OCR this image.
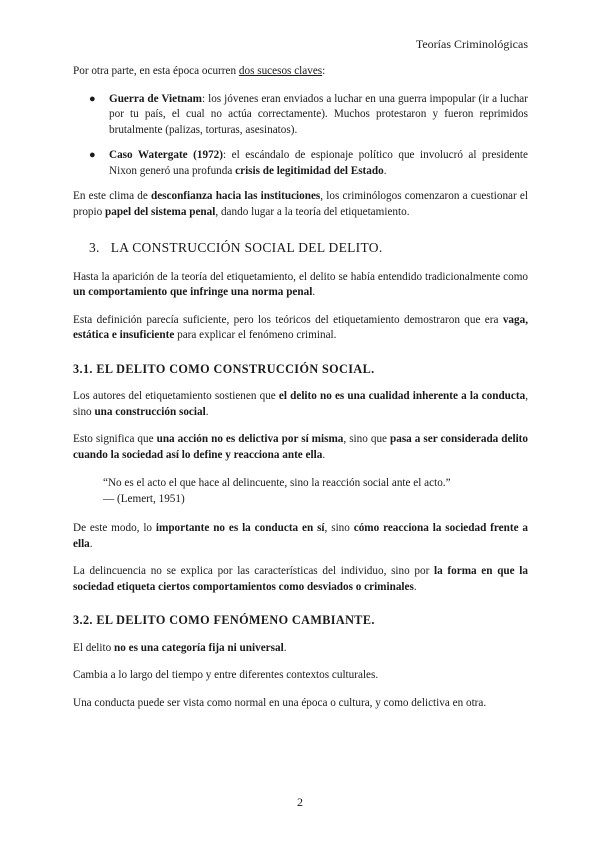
Teorías Criminológicas

Por otra parte, en esta época ocurren dos sucesos claves:

● Guerra de Vietnam: los jóvenes eran enviados a luchar en una guerra impopular (ir a luchar por tu país, el cual no actúa correctamente). Muchos protestaron y fueron reprimidos brutalmente (palizas, torturas, asesinatos).
● Caso Watergate (1972): el escándalo de espionaje político que involucró al presidente Nixon generó una profunda crisis de legitimidad del Estado.

En este clima de desconfianza hacia las instituciones, los criminólogos comenzaron a cuestionar el propio papel del sistema penal, dando lugar a la teoría del etiquetamiento.

3. LA CONSTRUCCIÓN SOCIAL DEL DELITO.

Hasta la aparición de la teoría del etiquetamiento, el delito se había entendido tradicionalmente como un comportamiento que infringe una norma penal.

Esta definición parecía suficiente, pero los teóricos del etiquetamiento demostraron que era vaga, estática e insuficiente para explicar el fenómeno criminal.

3.1. EL DELITO COMO CONSTRUCCIÓN SOCIAL.

Los autores del etiquetamiento sostienen que el delito no es una cualidad inherente a la conducta, sino una construcción social.

Esto significa que una acción no es delictiva por sí misma, sino que pasa a ser considerada delito cuando la sociedad así lo define y reacciona ante ella.

“No es el acto el que hace al delincuente, sino la reacción social ante el acto.”
— (Lemert, 1951)

De este modo, lo importante no es la conducta en sí, sino cómo reacciona la sociedad frente a ella.

La delincuencia no se explica por las características del individuo, sino por la forma en que la sociedad etiqueta ciertos comportamientos como desviados o criminales.

3.2. EL DELITO COMO FENÓMENO CAMBIANTE.

El delito no es una categoría fija ni universal.

Cambia a lo largo del tiempo y entre diferentes contextos culturales.

Una conducta puede ser vista como normal en una época o cultura, y como delictiva en otra.

2
